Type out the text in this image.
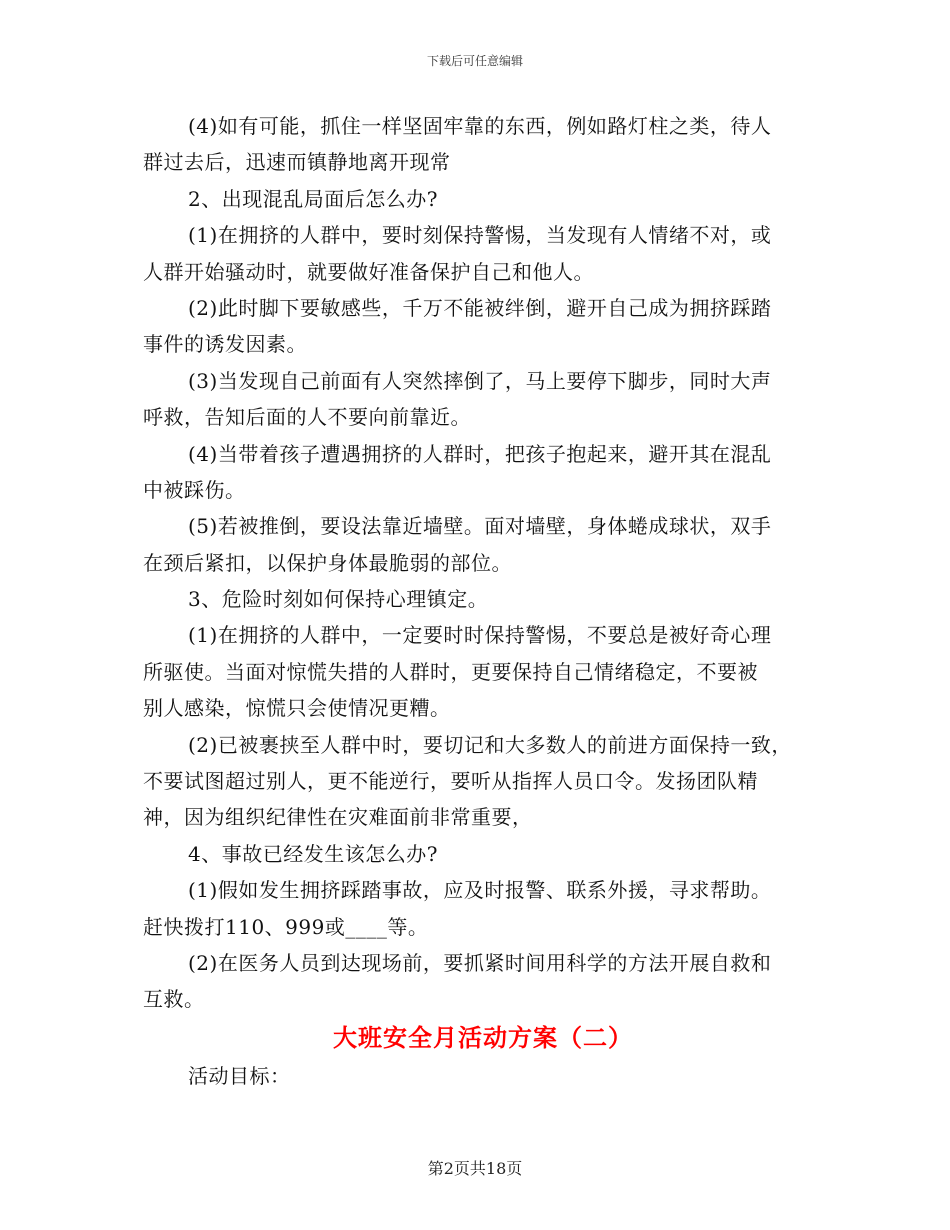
下载后可任意编辑
(4)如有可能，抓住一样坚固牢靠的东西，例如路灯柱之类，待人
群过去后，迅速而镇静地离开现常
2、出现混乱局面后怎么办?
(1)在拥挤的人群中，要时刻保持警惕，当发现有人情绪不对，或
人群开始骚动时，就要做好准备保护自己和他人。
(2)此时脚下要敏感些，千万不能被绊倒，避开自己成为拥挤踩踏
事件的诱发因素。
(3)当发现自己前面有人突然摔倒了，马上要停下脚步，同时大声
呼救，告知后面的人不要向前靠近。
(4)当带着孩子遭遇拥挤的人群时，把孩子抱起来，避开其在混乱
中被踩伤。
(5)若被推倒，要设法靠近墙壁。面对墙壁，身体蜷成球状，双手
在颈后紧扣，以保护身体最脆弱的部位。
3、危险时刻如何保持心理镇定。
(1)在拥挤的人群中，一定要时时保持警惕，不要总是被好奇心理
所驱使。当面对惊慌失措的人群时，更要保持自己情绪稳定，不要被
别人感染，惊慌只会使情况更糟。
(2)已被裹挟至人群中时，要切记和大多数人的前进方面保持一致，
不要试图超过别人，更不能逆行，要听从指挥人员口令。发扬团队精
神，因为组织纪律性在灾难面前非常重要，
4、事故已经发生该怎么办?
(1)假如发生拥挤踩踏事故，应及时报警、联系外援，寻求帮助。
赶快拨打110、999或____等。
(2)在医务人员到达现场前，要抓紧时间用科学的方法开展自救和
互救。
大班安全月活动方案（二）
活动目标：
第2页共18页
